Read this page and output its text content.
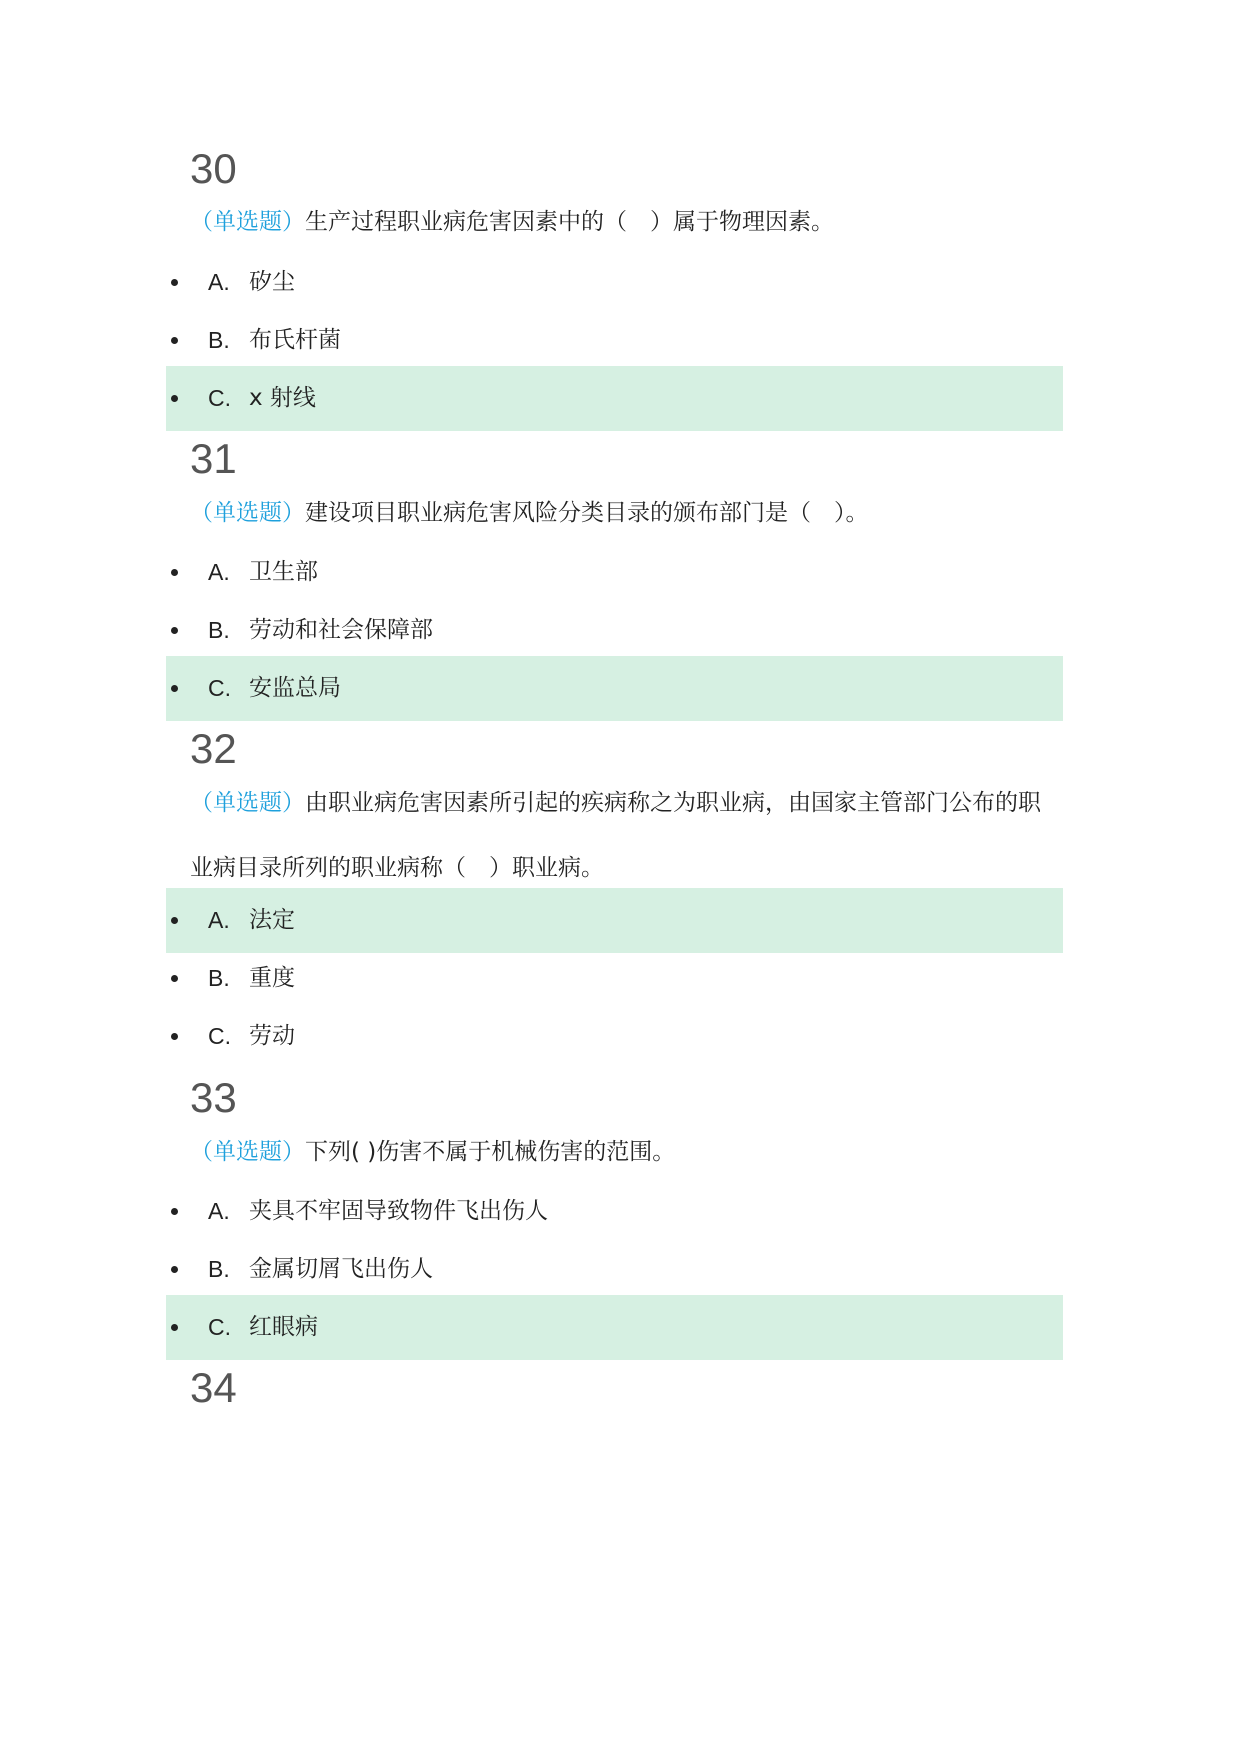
30
（单选题）生产过程职业病危害因素中的（　）属于物理因素。
A. 矽尘
B. 布氏杆菌
C. x 射线
31
（单选题）建设项目职业病危害风险分类目录的颁布部门是（　）。
A. 卫生部
B. 劳动和社会保障部
C. 安监总局
32
（单选题）由职业病危害因素所引起的疾病称之为职业病，由国家主管部门公布的职业病目录所列的职业病称（　）职业病。
A. 法定
B. 重度
C. 劳动
33
（单选题）下列( )伤害不属于机械伤害的范围。
A. 夹具不牢固导致物件飞出伤人
B. 金属切屑飞出伤人
C. 红眼病
34
